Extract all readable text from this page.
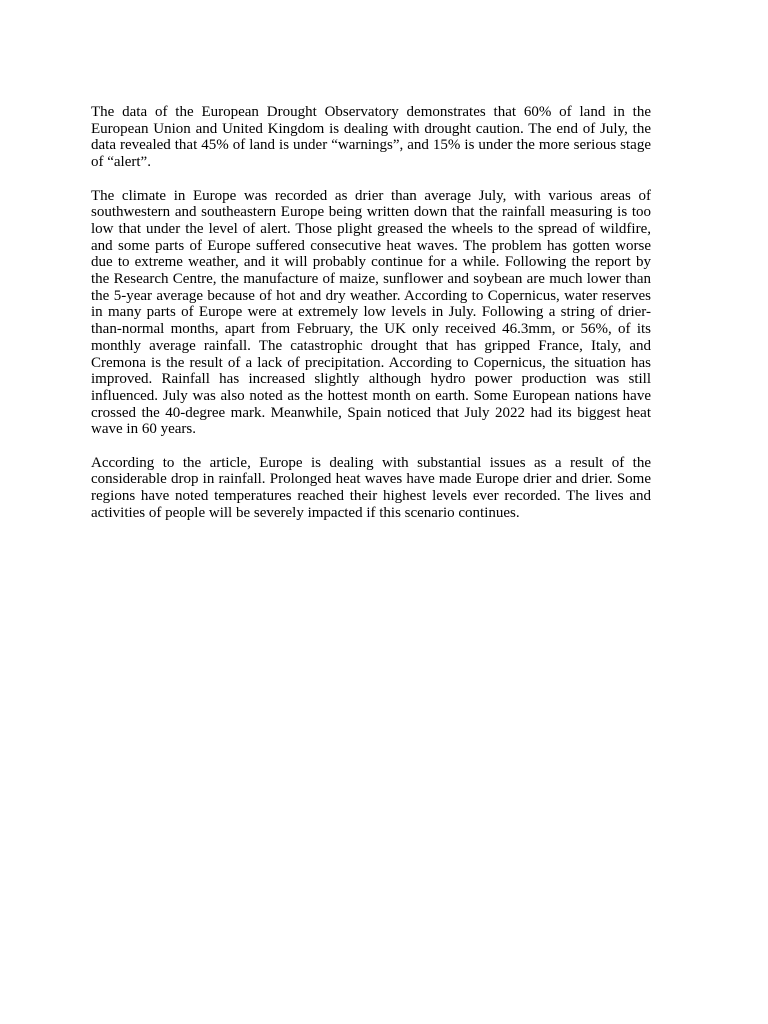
The data of the European Drought Observatory demonstrates that 60% of land in the European Union and United Kingdom is dealing with drought caution. The end of July, the data revealed that 45% of land is under “warnings”, and 15% is under the more serious stage of “alert”.

The climate in Europe was recorded as drier than average July, with various areas of southwestern and southeastern Europe being written down that the rainfall measuring is too low that under the level of alert. Those plight greased the wheels to the spread of wildfire, and some parts of Europe suffered consecutive heat waves. The problem has gotten worse due to extreme weather, and it will probably continue for a while. Following the report by the Research Centre, the manufacture of maize, sunflower and soybean are much lower than the 5-year average because of hot and dry weather. According to Copernicus, water reserves in many parts of Europe were at extremely low levels in July. Following a string of drier-than-normal months, apart from February, the UK only received 46.3mm, or 56%, of its monthly average rainfall. The catastrophic drought that has gripped France, Italy, and Cremona is the result of a lack of precipitation. According to Copernicus, the situation has improved. Rainfall has increased slightly although hydro power production was still influenced. July was also noted as the hottest month on earth. Some European nations have crossed the 40-degree mark. Meanwhile, Spain noticed that July 2022 had its biggest heat wave in 60 years.

According to the article, Europe is dealing with substantial issues as a result of the considerable drop in rainfall. Prolonged heat waves have made Europe drier and drier. Some regions have noted temperatures reached their highest levels ever recorded. The lives and activities of people will be severely impacted if this scenario continues.
